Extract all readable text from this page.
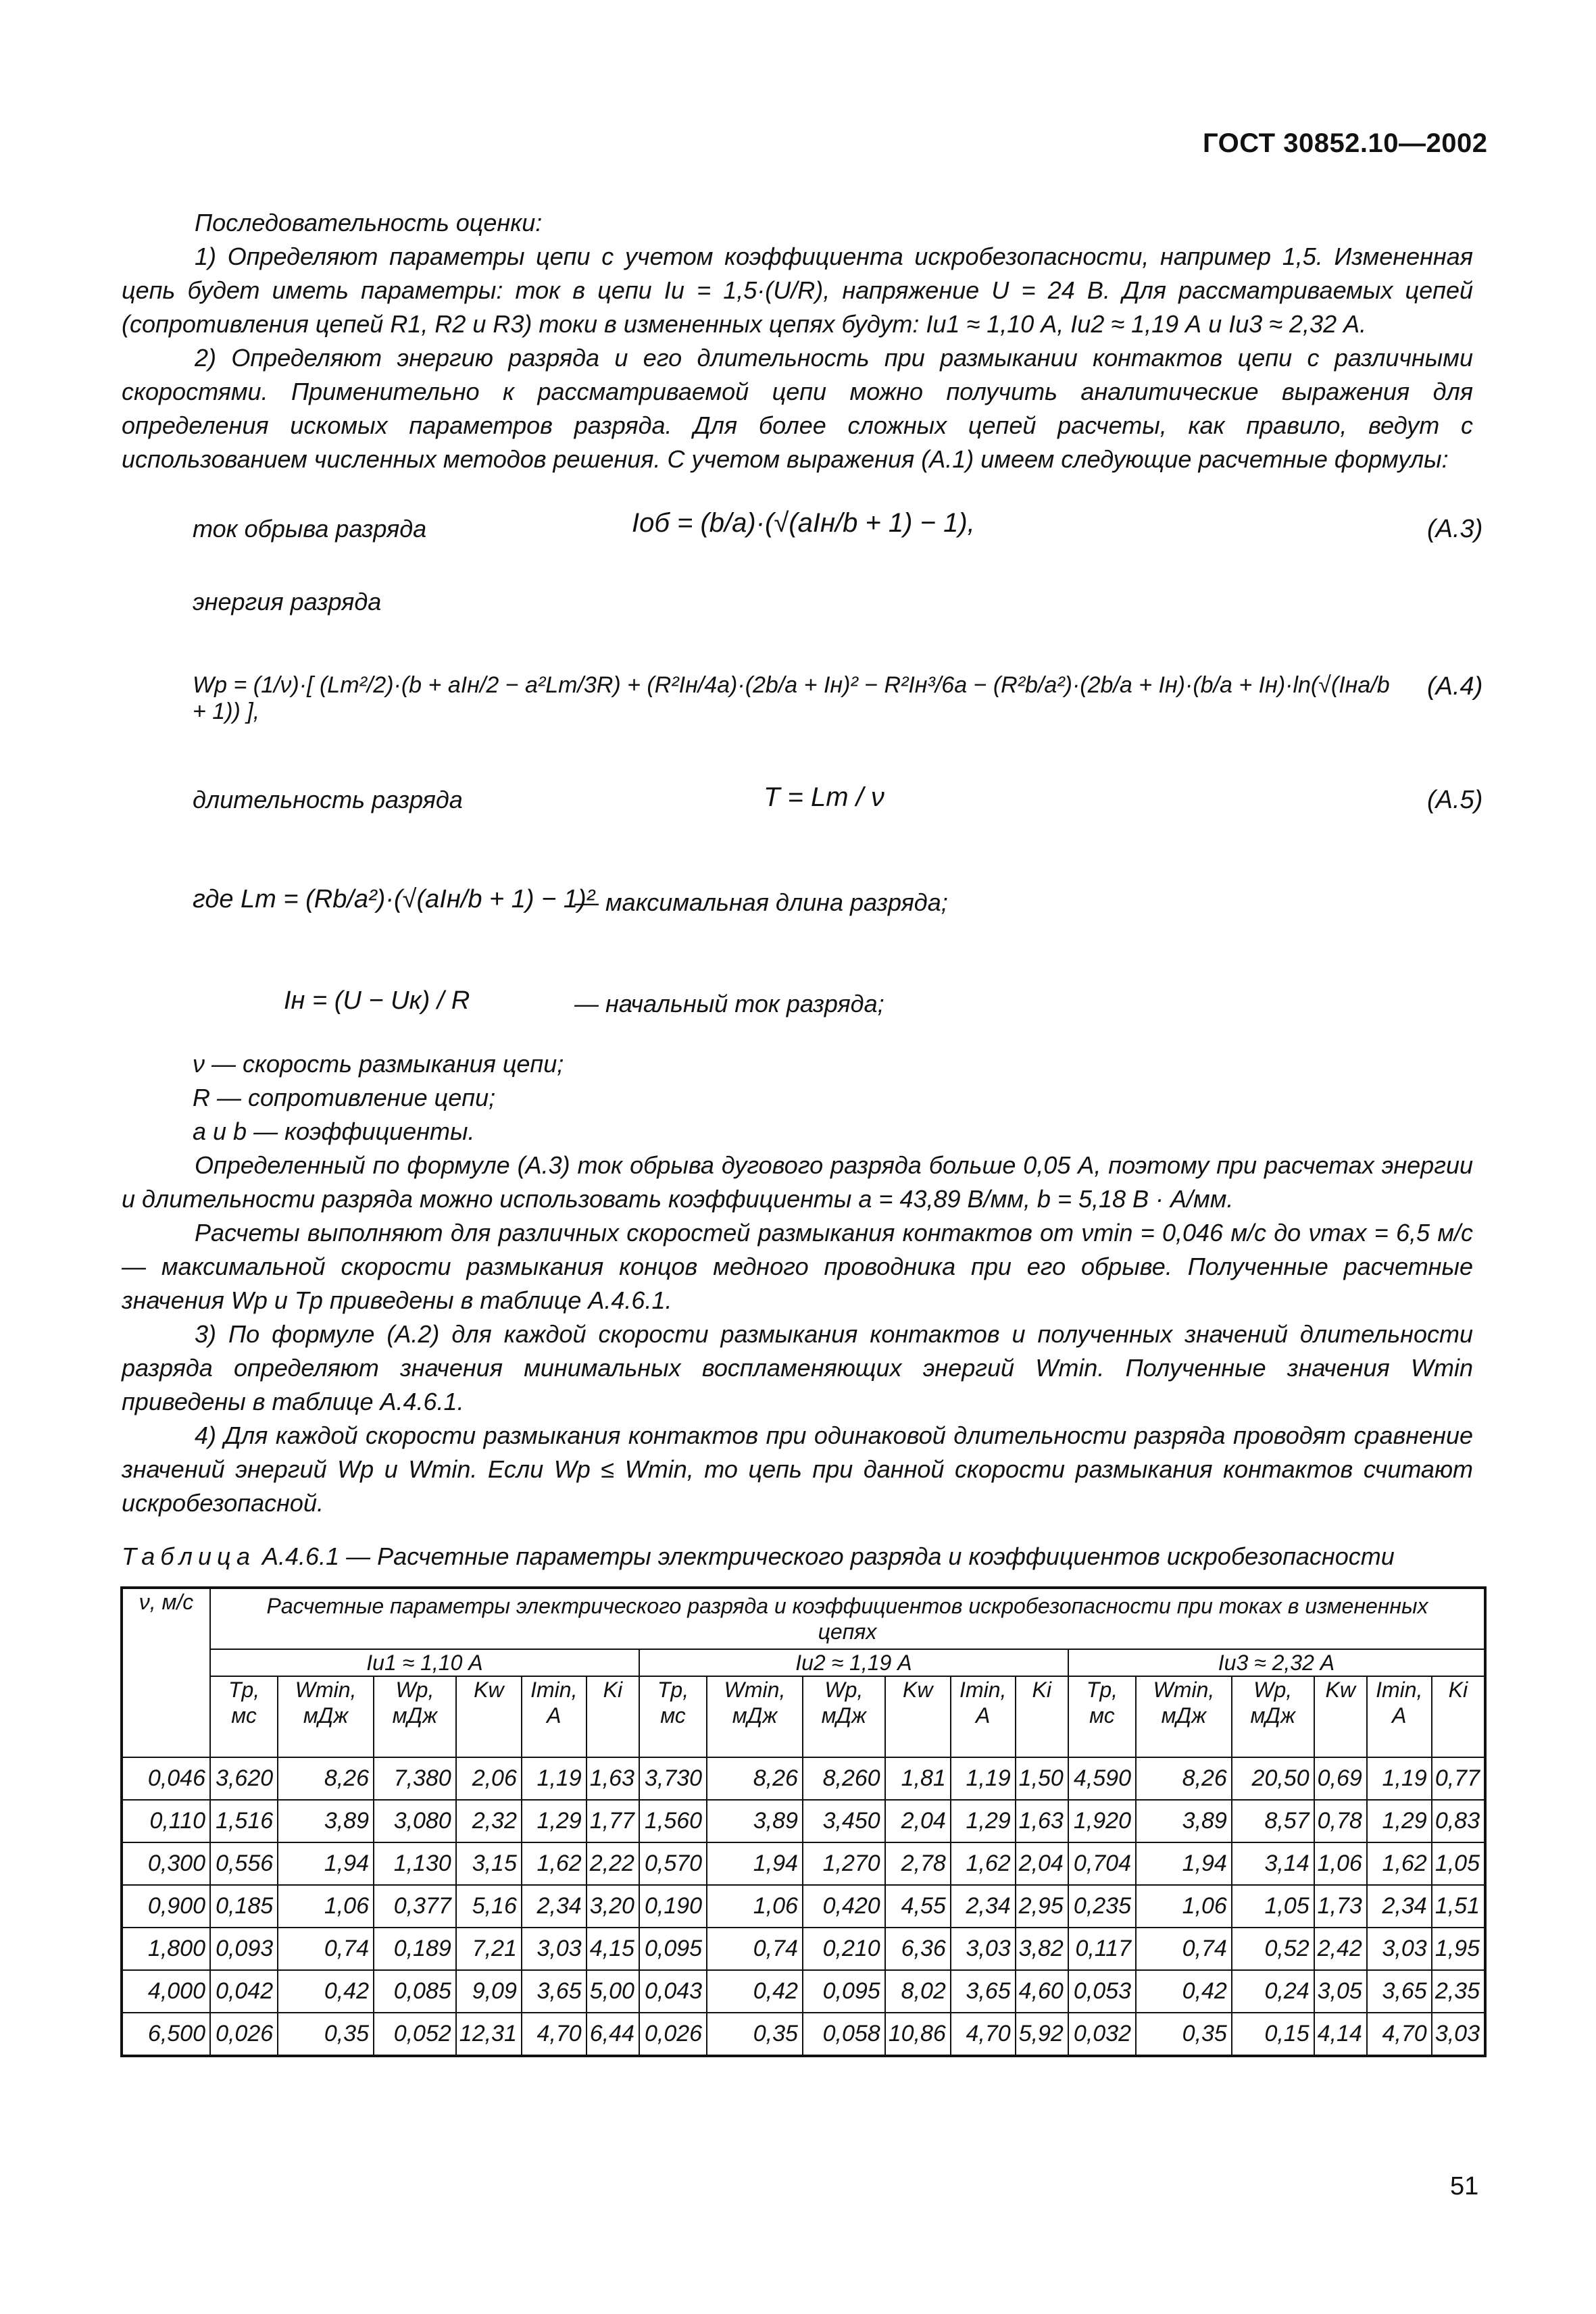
ГОСТ 30852.10—2002

Последовательность оценки:

1) Определяют параметры цепи с учетом коэффициента искробезопасности, например 1,5. Измененная цепь будет иметь параметры: ток в цепи Iи = 1,5·(U/R), напряжение U = 24 В. Для рассматриваемых цепей (сопротивления цепей R1, R2 и R3) токи в измененных цепях будут: Iи1 ≈ 1,10 А, Iи2 ≈ 1,19 А и Iи3 ≈ 2,32 А.

2) Определяют энергию разряда и его длительность при размыкании контактов цепи с различными скоростями. Применительно к рассматриваемой цепи можно получить аналитические выражения для определения искомых параметров разряда. Для более сложных цепей расчеты, как правило, ведут с использованием численных методов решения. С учетом выражения (А.1) имеем следующие расчетные формулы:

ток обрыва разряда	Iоб = (b/a)·(√(aIн/b + 1) − 1),	(А.3)
энергия разряда
Wр = (1/ν)·[ (Lm²/2)·(b + aIн/2 − a²Lm/3R) + (R²Iн/4a)·(2b/a + Iн)² − R²Iн³/6a − (R²b/a²)·(2b/a + Iн)·(b/a + Iн)·ln(√(Iнa/b + 1)) ],
(А.4)
длительность разряда	T = Lm / ν	(А.5)
где Lm = (Rb/a²)·(√(aIн/b + 1) − 1)²
— максимальная длина разряда;
Iн = (U − Uк) / R	— начальный ток разряда;
ν — скорость размыкания цепи;
R — сопротивление цепи;
a и b — коэффициенты.

Определенный по формуле (А.3) ток обрыва дугового разряда больше 0,05 А, поэтому при расчетах энергии и длительности разряда можно использовать коэффициенты a = 43,89 В/мм, b = 5,18 В · А/мм.

Расчеты выполняют для различных скоростей размыкания контактов от νmin = 0,046 м/с до νmax = 6,5 м/с — максимальной скорости размыкания концов медного проводника при его обрыве. Полученные расчетные значения Wр и Tр приведены в таблице А.4.6.1.

3) По формуле (А.2) для каждой скорости размыкания контактов и полученных значений длительности разряда определяют значения минимальных воспламеняющих энергий Wmin. Полученные значения Wmin приведены в таблице А.4.6.1.

4) Для каждой скорости размыкания контактов при одинаковой длительности разряда проводят сравнение значений энергий Wр и Wmin. Если Wр ≤ Wmin, то цепь при данной скорости размыкания контактов считают искробезопасной.

Таблица А.4.6.1 — Расчетные параметры электрического разряда и коэффициентов искробезопасности
ν, м/с	Расчетные параметры электрического разряда и коэффициентов искробезопасности при токах в измененных цепях																	
	Iи1 ≈ 1,10 А						Iи2 ≈ 1,19 А						Iи3 ≈ 2,32 А					
	Tр, мс	Wmin, мДж	Wр, мДж	Kw	Imin, А	Ki	Tр, мс	Wmin, мДж	Wр, мДж	Kw	Imin, А	Ki	Tр, мс	Wmin, мДж	Wр, мДж	Kw	Imin, А	Ki
0,046	3,620	8,26	7,380	2,06	1,19	1,63	3,730	8,26	8,260	1,81	1,19	1,50	4,590	8,26	20,50	0,69	1,19	0,77
0,110	1,516	3,89	3,080	2,32	1,29	1,77	1,560	3,89	3,450	2,04	1,29	1,63	1,920	3,89	8,57	0,78	1,29	0,83
0,300	0,556	1,94	1,130	3,15	1,62	2,22	0,570	1,94	1,270	2,78	1,62	2,04	0,704	1,94	3,14	1,06	1,62	1,05
0,900	0,185	1,06	0,377	5,16	2,34	3,20	0,190	1,06	0,420	4,55	2,34	2,95	0,235	1,06	1,05	1,73	2,34	1,51
1,800	0,093	0,74	0,189	7,21	3,03	4,15	0,095	0,74	0,210	6,36	3,03	3,82	0,117	0,74	0,52	2,42	3,03	1,95
4,000	0,042	0,42	0,085	9,09	3,65	5,00	0,043	0,42	0,095	8,02	3,65	4,60	0,053	0,42	0,24	3,05	3,65	2,35
6,500	0,026	0,35	0,052	12,31	4,70	6,44	0,026	0,35	0,058	10,86	4,70	5,92	0,032	0,35	0,15	4,14	4,70	3,03
51
